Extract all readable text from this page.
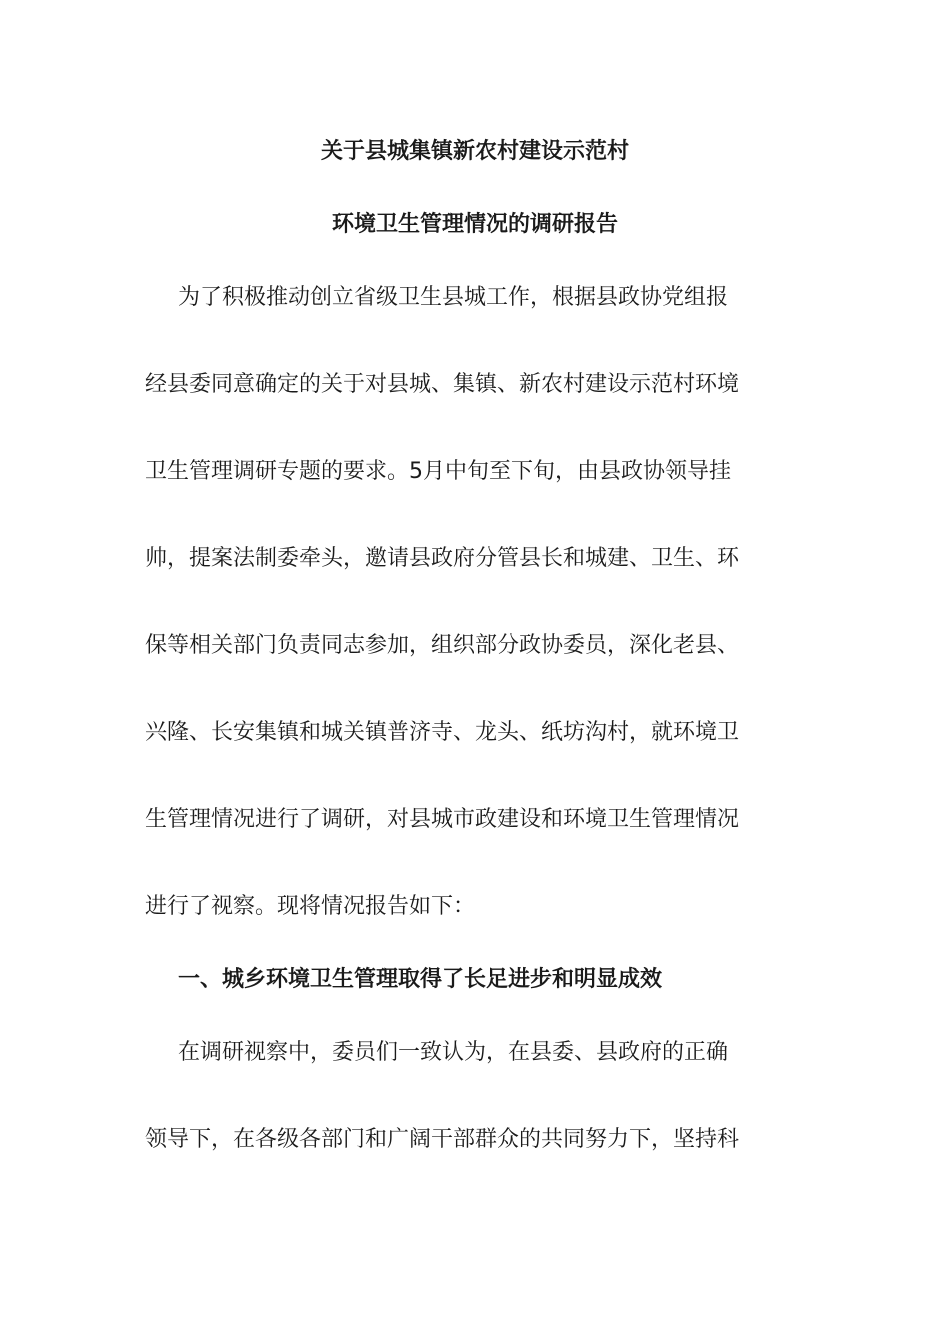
关于县城集镇新农村建设示范村
环境卫生管理情况的调研报告
为了积极推动创立省级卫生县城工作，根据县政协党组报
经县委同意确定的关于对县城、集镇、新农村建设示范村环境
卫生管理调研专题的要求。5月中旬至下旬，由县政协领导挂
帅，提案法制委牵头，邀请县政府分管县长和城建、卫生、环
保等相关部门负责同志参加，组织部分政协委员，深化老县、
兴隆、长安集镇和城关镇普济寺、龙头、纸坊沟村，就环境卫
生管理情况进行了调研，对县城市政建设和环境卫生管理情况
进行了视察。现将情况报告如下：
一、城乡环境卫生管理取得了长足进步和明显成效
在调研视察中，委员们一致认为，在县委、县政府的正确
领导下，在各级各部门和广阔干部群众的共同努力下，坚持科
